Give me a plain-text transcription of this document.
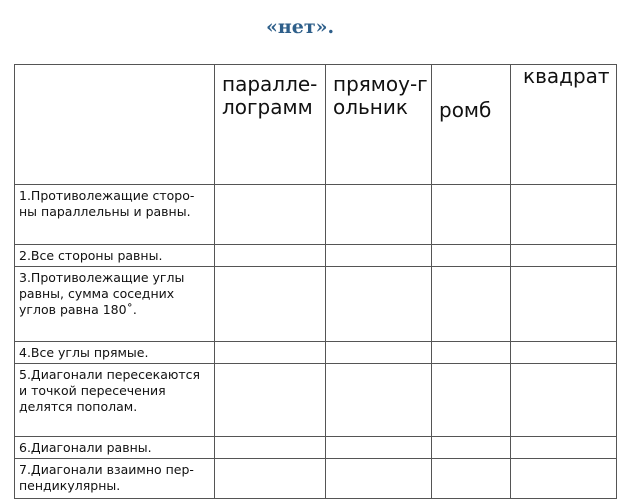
«нет».

	паралле-лограмм	прямоу-гольник	ромб	квадрат

1.Противолежащие сторо-ны параллельны и равны.				
2.Все стороны равны.				
3.Противолежащие углы равны, сумма соседних углов равна 180˚.				
4.Все углы прямые.				
5.Диагонали пересекаются и точкой пересечения делятся пополам.				
6.Диагонали равны.				
7.Диагонали взаимно пер-пендикулярны.				
